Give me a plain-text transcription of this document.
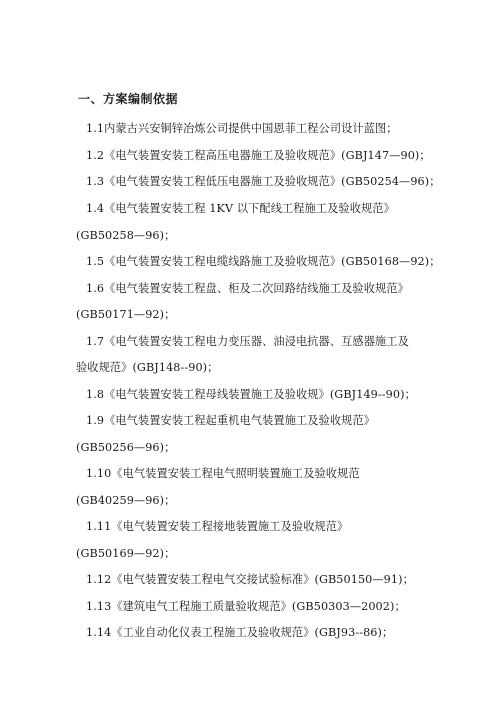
一、方案编制依据
1.1内蒙古兴安铜锌冶炼公司提供中国恩菲工程公司设计蓝图；
1.2《电气装置安装工程高压电器施工及验收规范》(GBJ147—90)；
1.3《电气装置安装工程低压电器施工及验收规范》(GB50254—96)；
1.4《电气装置安装工程 1KV 以下配线工程施工及验收规范》
(GB50258—96)；
1.5《电气装置安装工程电缆线路施工及验收规范》(GB50168—92)；
1.6《电气装置安装工程盘、柜及二次回路结线施工及验收规范》
(GB50171—92)；
1.7《电气装置安装工程电力变压器、油浸电抗器、互感器施工及
验收规范》(GBJ148--90)；
1.8《电气装置安装工程母线装置施工及验收规》(GBJ149--90)；
1.9《电气装置安装工程起重机电气装置施工及验收规范》
(GB50256—96)；
1.10《电气装置安装工程电气照明装置施工及验收规范
(GB40259—96)；
1.11《电气装置安装工程接地装置施工及验收规范》
(GB50169—92)；
1.12《电气装置安装工程电气交接试验标准》(GB50150—91)；
1.13《建筑电气工程施工质量验收规范》(GB50303—2002)；
1.14《工业自动化仪表工程施工及验收规范》(GBJ93--86)；
